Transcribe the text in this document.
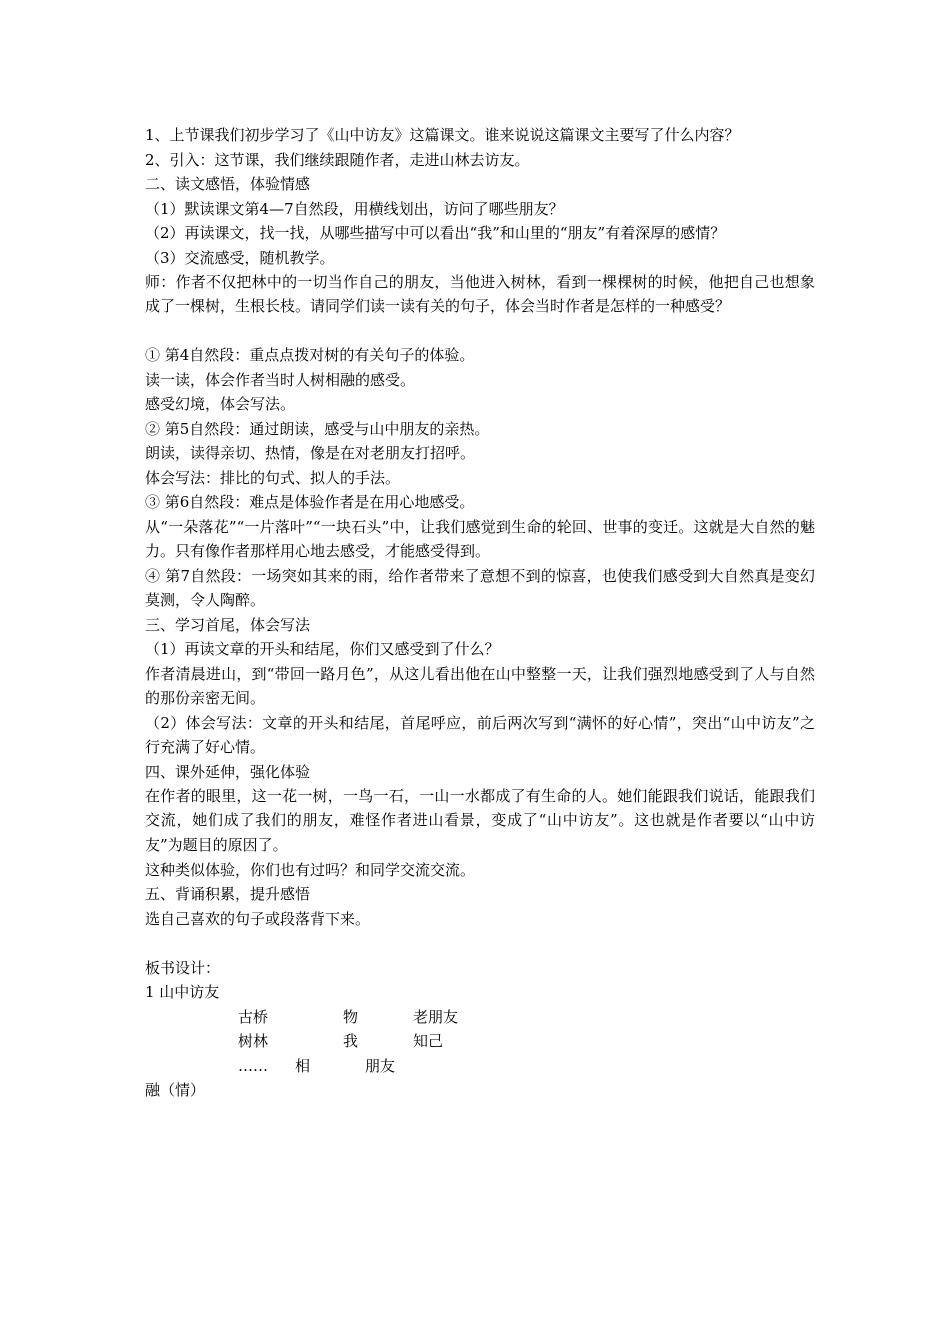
1、上节课我们初步学习了《山中访友》这篇课文。谁来说说这篇课文主要写了什么内容？

2、引入：这节课，我们继续跟随作者，走进山林去访友。

二、读文感悟，体验情感

（1）默读课文第4—7自然段，用横线划出，访问了哪些朋友？

（2）再读课文，找一找，从哪些描写中可以看出“我”和山里的“朋友”有着深厚的感情？

（3）交流感受，随机教学。

师：作者不仅把林中的一切当作自己的朋友，当他进入树林，看到一棵棵树的时候，他把自己也想象成了一棵树，生根长枝。请同学们读一读有关的句子，体会当时作者是怎样的一种感受？

① 第4自然段：重点点拨对树的有关句子的体验。

读一读，体会作者当时人树相融的感受。

感受幻境，体会写法。

② 第5自然段：通过朗读，感受与山中朋友的亲热。

朗读，读得亲切、热情，像是在对老朋友打招呼。

体会写法：排比的句式、拟人的手法。

③ 第6自然段：难点是体验作者是在用心地感受。

从“一朵落花”“一片落叶”“一块石头”中，让我们感觉到生命的轮回、世事的变迁。这就是大自然的魅力。只有像作者那样用心地去感受，才能感受得到。

④ 第7自然段：一场突如其来的雨，给作者带来了意想不到的惊喜，也使我们感受到大自然真是变幻莫测，令人陶醉。

三、学习首尾，体会写法

（1）再读文章的开头和结尾，你们又感受到了什么？

作者清晨进山，到“带回一路月色”，从这儿看出他在山中整整一天，让我们强烈地感受到了人与自然的那份亲密无间。

（2）体会写法：文章的开头和结尾，首尾呼应，前后两次写到“满怀的好心情”，突出“山中访友”之行充满了好心情。

四、课外延伸，强化体验

在作者的眼里，这一花一树，一鸟一石，一山一水都成了有生命的人。她们能跟我们说话，能跟我们交流，她们成了我们的朋友，难怪作者进山看景，变成了“山中访友”。这也就是作者要以“山中访友”为题目的原因了。

这种类似体验，你们也有过吗？和同学交流交流。

五、背诵积累，提升感悟

选自己喜欢的句子或段落背下来。

板书设计：

1 山中访友

古桥	物	老朋友
树林	我	知己
…… 相	朋友

融（情）
